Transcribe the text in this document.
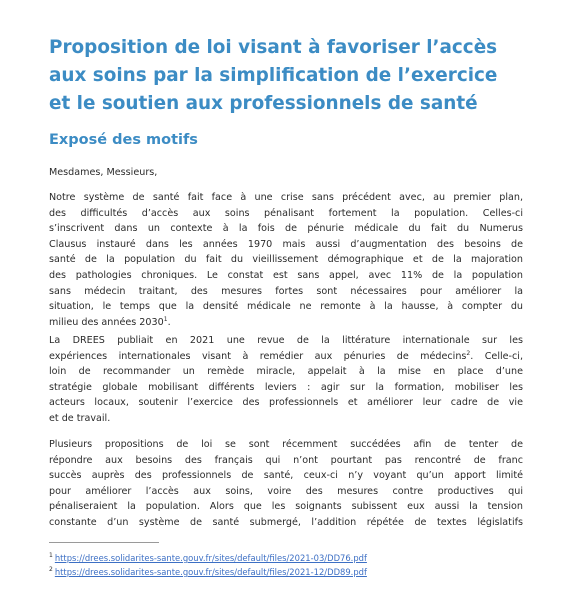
Proposition de loi visant à favoriser l’accès
aux soins par la simplification de l’exercice
et le soutien aux professionnels de santé
Exposé des motifs
Mesdames, Messieurs,
Notre système de santé fait face à une crise sans précédent avec, au premier plan,
des difficultés d’accès aux soins pénalisant fortement la population. Celles-ci
s’inscrivent dans un contexte à la fois de pénurie médicale du fait du Numerus
Clausus instauré dans les années 1970 mais aussi d’augmentation des besoins de
santé de la population du fait du vieillissement démographique et de la majoration
des pathologies chroniques. Le constat est sans appel, avec 11% de la population
sans médecin traitant, des mesures fortes sont nécessaires pour améliorer la
situation, le temps que la densité médicale ne remonte à la hausse, à compter du
milieu des années 2030$^1$.
La DREES publiait en 2021 une revue de la littérature internationale sur les
expériences internationales visant à remédier aux pénuries de médecins$^2$. Celle-ci,
loin de recommander un remède miracle, appelait à la mise en place d’une
stratégie globale mobilisant différents leviers : agir sur la formation, mobiliser les
acteurs locaux, soutenir l’exercice des professionnels et améliorer leur cadre de vie
et de travail.
Plusieurs propositions de loi se sont récemment succédées afin de tenter de
répondre aux besoins des français qui n’ont pourtant pas rencontré de franc
succès auprès des professionnels de santé, ceux-ci n’y voyant qu’un apport limité
pour améliorer l’accès aux soins, voire des mesures contre productives qui
pénaliseraient la population. Alors que les soignants subissent eux aussi la tension
constante d’un système de santé submergé, l’addition répétée de textes législatifs
$^1$ https://drees.solidarites-sante.gouv.fr/sites/default/files/2021-03/DD76.pdf
$^2$ https://drees.solidarites-sante.gouv.fr/sites/default/files/2021-12/DD89.pdf
